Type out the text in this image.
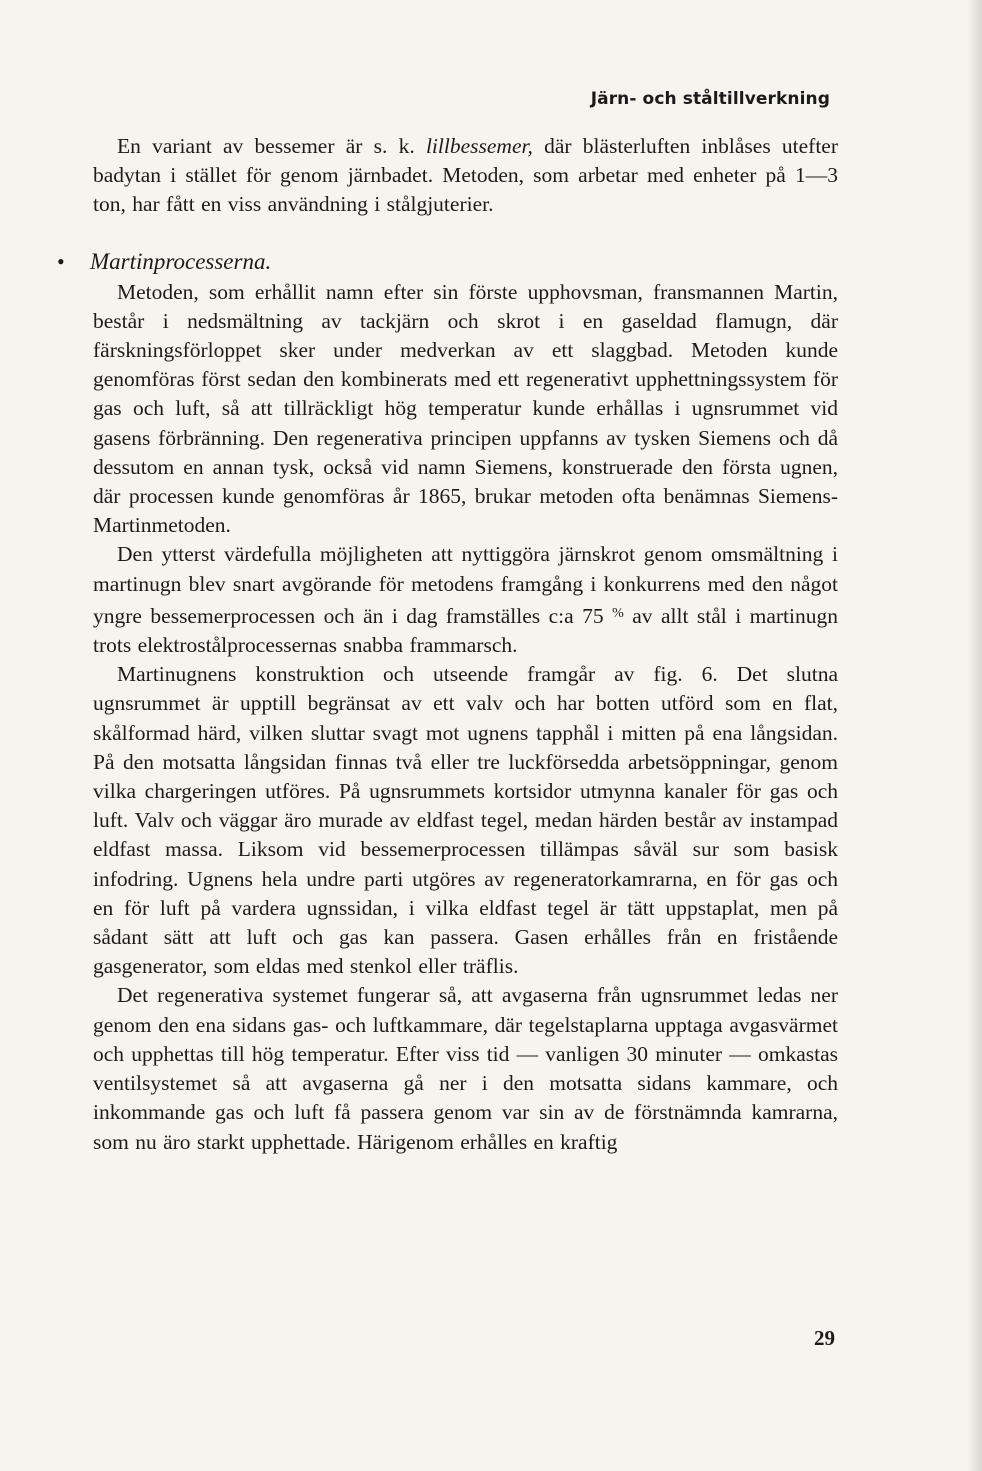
Järn- och ståltillverkning

En variant av bessemer är s. k. lillbessemer, där blästerluften inblåses utefter badytan i stället för genom järnbadet. Metoden, som arbetar med enheter på 1—3 ton, har fått en viss användning i stålgjuterier.

• Martinprocesserna.

Metoden, som erhållit namn efter sin förste upphovsman, fransmannen Martin, består i nedsmältning av tackjärn och skrot i en gaseldad flamugn, där färskningsförloppet sker under medverkan av ett slaggbad. Metoden kunde genomföras först sedan den kombinerats med ett regenerativt upphettningssystem för gas och luft, så att tillräckligt hög temperatur kunde erhållas i ugnsrummet vid gasens förbränning. Den regenerativa principen uppfanns av tysken Siemens och då dessutom en annan tysk, också vid namn Siemens, konstruerade den första ugnen, där processen kunde genomföras år 1865, brukar metoden ofta benämnas Siemens-Martinmetoden.

Den ytterst värdefulla möjligheten att nyttiggöra järnskrot genom omsmältning i martinugn blev snart avgörande för metodens framgång i konkurrens med den något yngre bessemerprocessen och än i dag framställes c:a 75 % av allt stål i martinugn trots elektrostålprocessernas snabba frammarsch.

Martinugnens konstruktion och utseende framgår av fig. 6. Det slutna ugnsrummet är upptill begränsat av ett valv och har botten utförd som en flat, skålformad härd, vilken sluttar svagt mot ugnens tapphål i mitten på ena långsidan. På den motsatta långsidan finnas två eller tre luckförsedda arbetsöppningar, genom vilka chargeringen utföres. På ugnsrummets kortsidor utmynna kanaler för gas och luft. Valv och väggar äro murade av eldfast tegel, medan härden består av instampad eldfast massa. Liksom vid bessemerprocessen tillämpas såväl sur som basisk infodring. Ugnens hela undre parti utgöres av regeneratorkamrarna, en för gas och en för luft på vardera ugnssidan, i vilka eldfast tegel är tätt uppstaplat, men på sådant sätt att luft och gas kan passera. Gasen erhålles från en fristående gasgenerator, som eldas med stenkol eller träflis.

Det regenerativa systemet fungerar så, att avgaserna från ugnsrummet ledas ner genom den ena sidans gas- och luftkammare, där tegelstaplarna upptaga avgasvärmet och upphettas till hög temperatur. Efter viss tid — vanligen 30 minuter — omkastas ventilsystemet så att avgaserna gå ner i den motsatta sidans kammare, och inkommande gas och luft få passera genom var sin av de förstnämnda kamrarna, som nu äro starkt upphettade. Härigenom erhålles en kraftig

29
